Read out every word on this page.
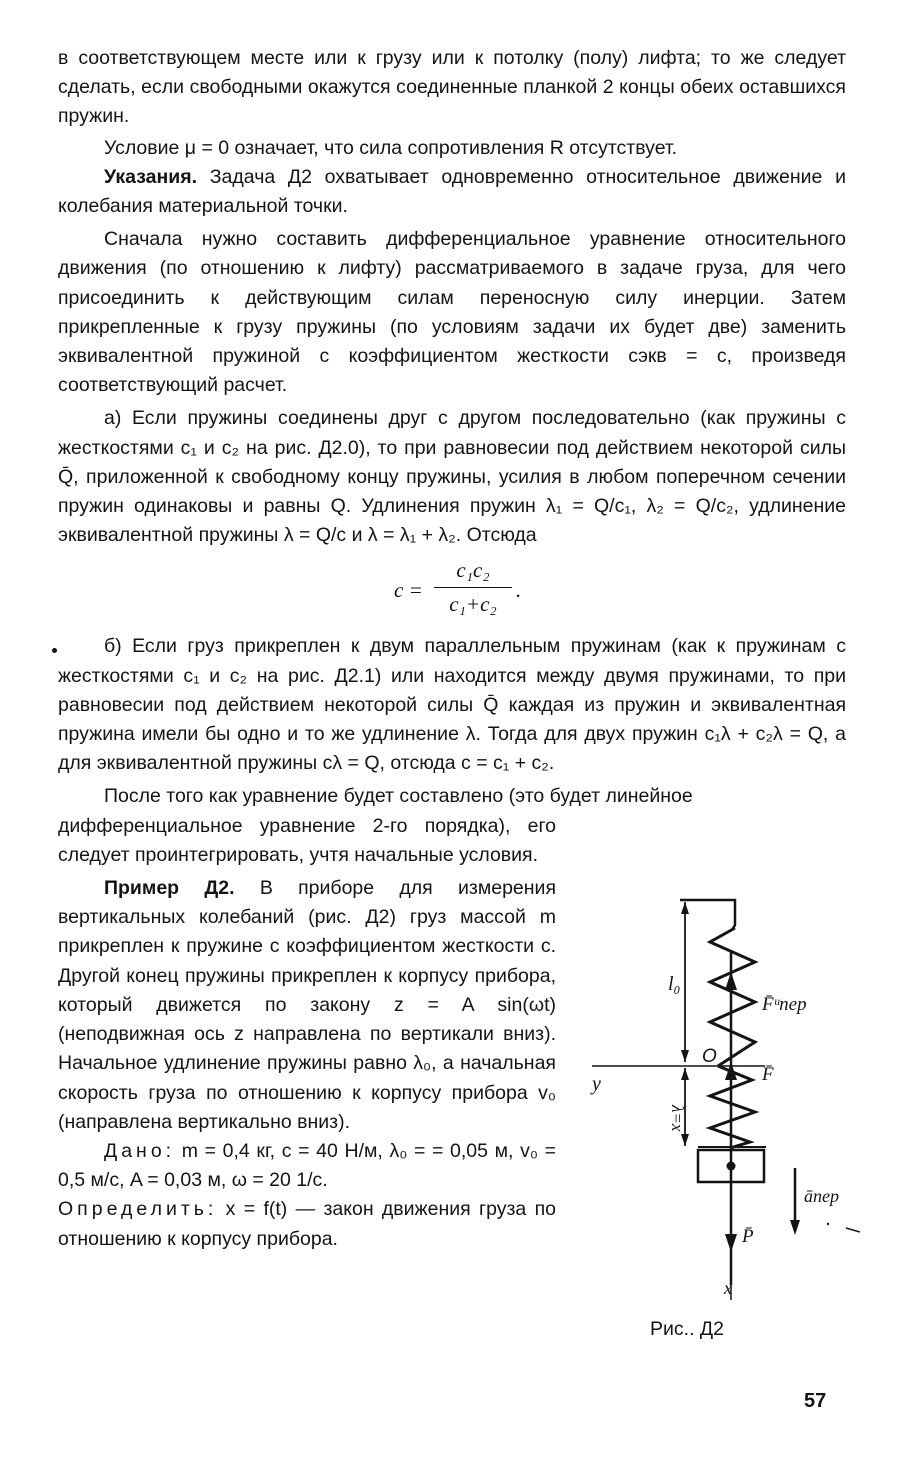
в соответствующем месте или к грузу или к потолку (полу) лифта; то же следует сделать, если свободными окажутся соединенные планкой 2 концы обеих оставшихся пружин.

Условие μ = 0 означает, что сила сопротивления R отсутствует.

Указания. Задача Д2 охватывает одновременно относительное движение и колебания материальной точки.

Сначала нужно составить дифференциальное уравнение относительного движения (по отношению к лифту) рассматриваемого в задаче груза, для чего присоединить к действующим силам переносную силу инерции. Затем прикрепленные к грузу пружины (по условиям задачи их будет две) заменить эквивалентной пружиной с коэффициентом жесткости cэкв = c, произведя соответствующий расчет.

а) Если пружины соединены друг с другом последовательно (как пружины с жесткостями c₁ и c₂ на рис. Д2.0), то при равновесии под действием некоторой силы Q̄, приложенной к свободному концу пружины, усилия в любом поперечном сечении пружин одинаковы и равны Q. Удлинения пружин λ₁ = Q/c₁, λ₂ = Q/c₂, удлинение эквивалентной пружины λ = Q/c и λ = λ₁ + λ₂. Отсюда

$c = \frac{\text{c₁c₂}}{\text{c₁+c₂}}$ .

б) Если груз прикреплен к двум параллельным пружинам (как к пружинам с жесткостями c₁ и c₂ на рис. Д2.1) или находится между двумя пружинами, то при равновесии под действием некоторой силы Q̄ каждая из пружин и эквивалентная пружина имели бы одно и то же удлинение λ. Тогда для двух пружин c₁λ + c₂λ = Q, а для эквивалентной пружины cλ = Q, отсюда c = c₁ + c₂.

После того как уравнение будет составлено (это будет линейное

дифференциальное уравнение 2-го порядка), его следует проинтегрировать, учтя начальные условия.

Пример Д2. В приборе для измерения вертикальных колебаний (рис. Д2) груз массой m прикреплен к пружине с коэффициентом жесткости c. Другой конец пружины прикреплен к корпусу прибора, который движется по закону z = A sin(ωt) (неподвижная ось z направлена по вертикали вниз). Начальное удлинение пружины равно λ₀, а начальная скорость груза по отношению к корпусу прибора v₀ (направлена вертикально вниз).

Дано: m = 0,4 кг, c = 40 Н/м, λ₀ = = 0,05 м, v₀ = 0,5 м/с, A = 0,03 м, ω = 20 1/с.

Определить: x = f(t) — закон движения груза по отношению к корпусу прибора.

l₀
O
y
λ=x
F̄ᵘпер
F̄
āпер
P̄
x
Рис.. Д2
57
